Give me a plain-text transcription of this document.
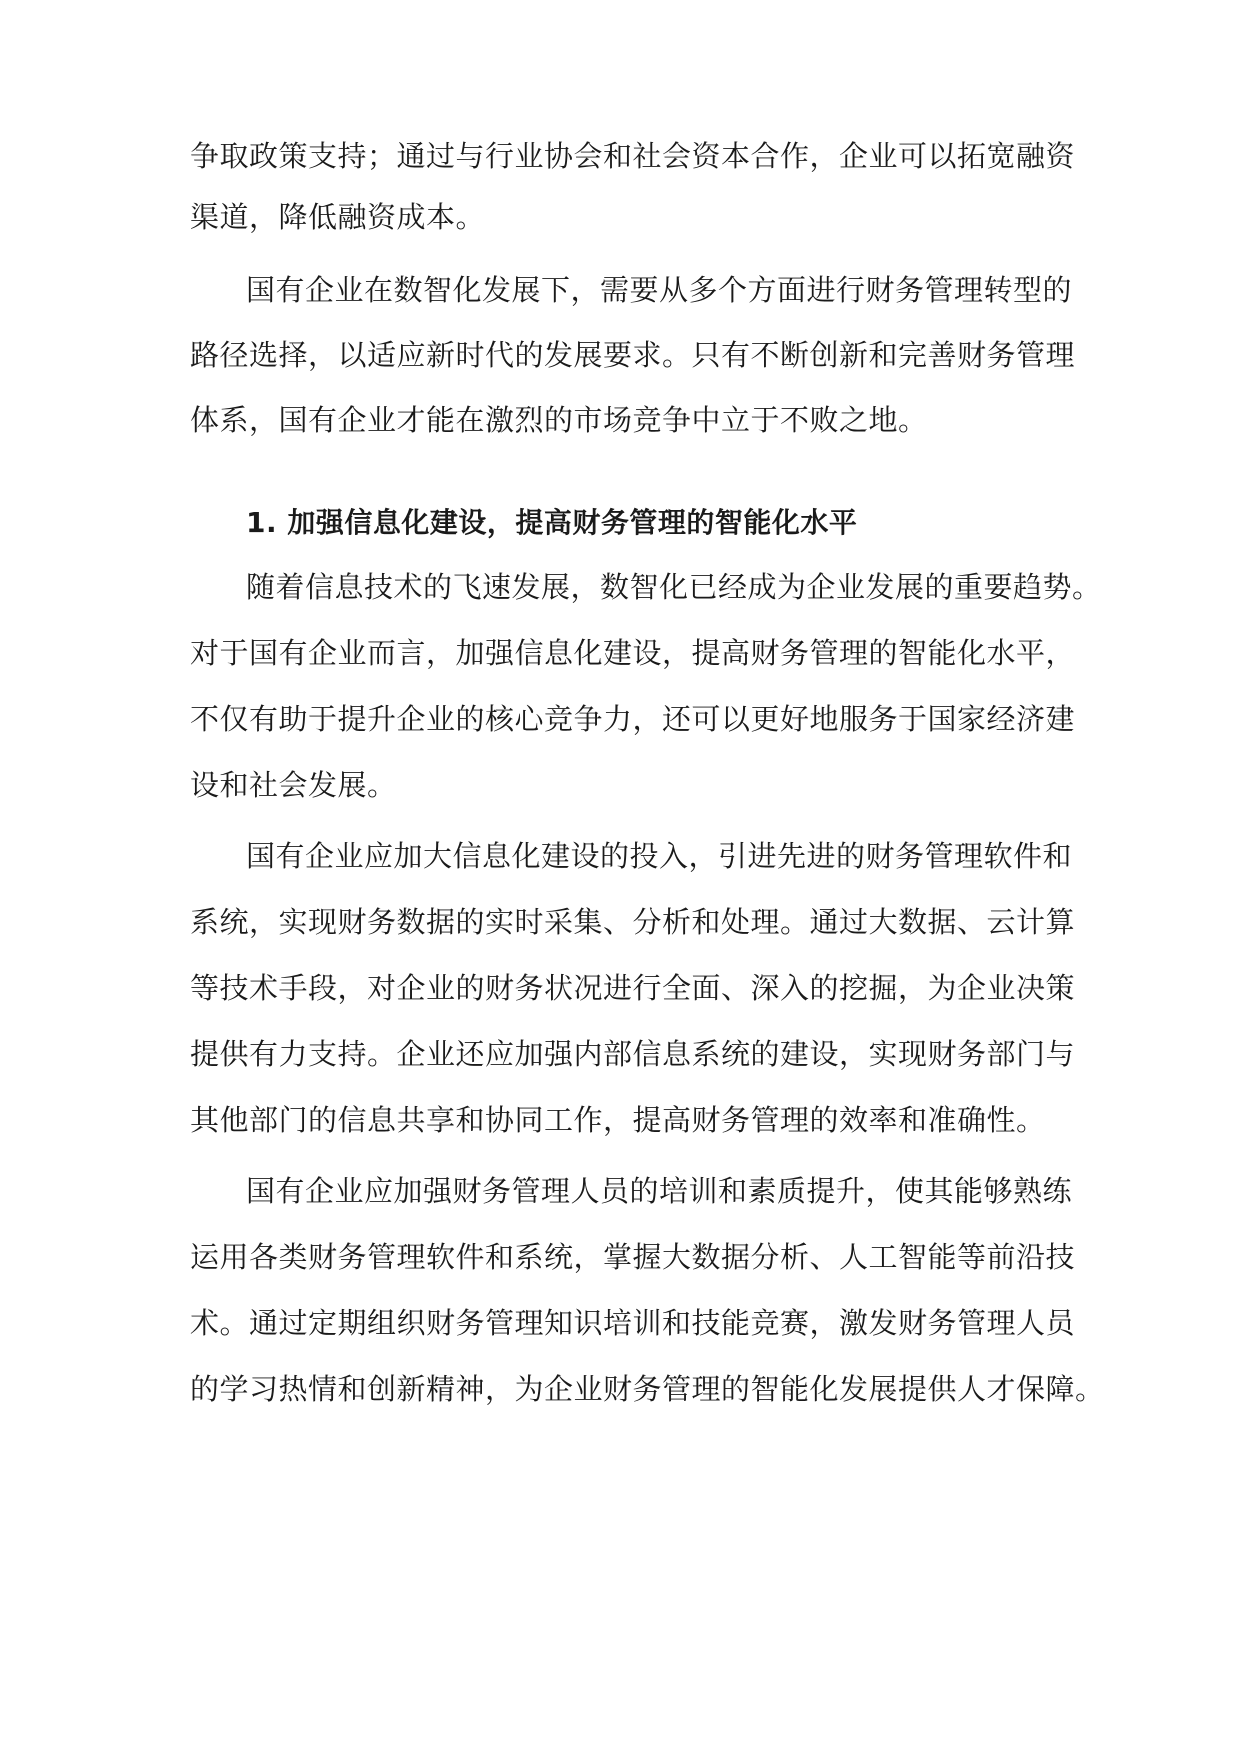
争取政策支持；通过与行业协会和社会资本合作，企业可以拓宽融资
渠道，降低融资成本。
国有企业在数智化发展下，需要从多个方面进行财务管理转型的
路径选择，以适应新时代的发展要求。只有不断创新和完善财务管理
体系，国有企业才能在激烈的市场竞争中立于不败之地。
1. 加强信息化建设，提高财务管理的智能化水平
随着信息技术的飞速发展，数智化已经成为企业发展的重要趋势。
对于国有企业而言，加强信息化建设，提高财务管理的智能化水平，
不仅有助于提升企业的核心竞争力，还可以更好地服务于国家经济建
设和社会发展。
国有企业应加大信息化建设的投入，引进先进的财务管理软件和
系统，实现财务数据的实时采集、分析和处理。通过大数据、云计算
等技术手段，对企业的财务状况进行全面、深入的挖掘，为企业决策
提供有力支持。企业还应加强内部信息系统的建设，实现财务部门与
其他部门的信息共享和协同工作，提高财务管理的效率和准确性。
国有企业应加强财务管理人员的培训和素质提升，使其能够熟练
运用各类财务管理软件和系统，掌握大数据分析、人工智能等前沿技
术。通过定期组织财务管理知识培训和技能竞赛，激发财务管理人员
的学习热情和创新精神，为企业财务管理的智能化发展提供人才保障。
